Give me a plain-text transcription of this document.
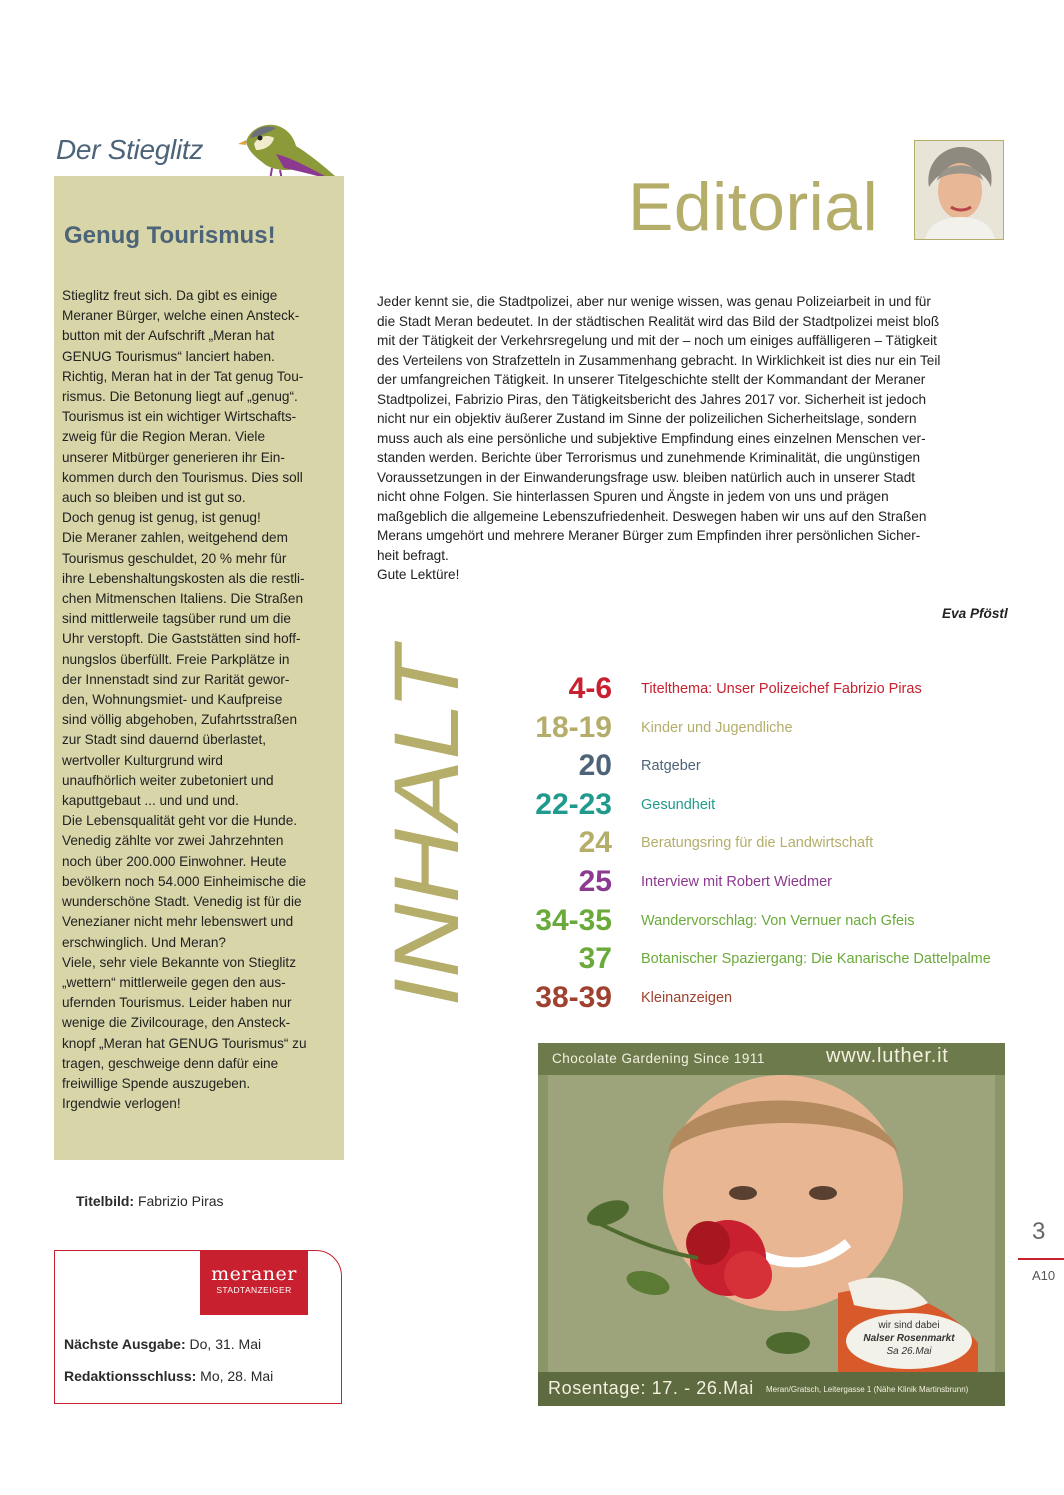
Der Stieglitz
Genug Tourismus!
Stieglitz freut sich. Da gibt es einige
Meraner Bürger, welche einen Ansteck-
button mit der Aufschrift „Meran hat
GENUG Tourismus“ lanciert haben.
Richtig, Meran hat in der Tat genug Tou-
rismus. Die Betonung liegt auf „genug“.
Tourismus ist ein wichtiger Wirtschafts-
zweig für die Region Meran. Viele
unserer Mitbürger generieren ihr Ein-
kommen durch den Tourismus. Dies soll
auch so bleiben und ist gut so.
Doch genug ist genug, ist genug!
Die Meraner zahlen, weitgehend dem
Tourismus geschuldet, 20 % mehr für
ihre Lebenshaltungskosten als die restli-
chen Mitmenschen Italiens. Die Straßen
sind mittlerweile tagsüber rund um die
Uhr verstopft. Die Gaststätten sind hoff-
nungslos überfüllt. Freie Parkplätze in
der Innenstadt sind zur Rarität gewor-
den, Wohnungsmiet- und Kaufpreise
sind völlig abgehoben, Zufahrtsstraßen
zur Stadt sind dauernd überlastet,
wertvoller Kulturgrund wird
unaufhörlich weiter zubetoniert und
kaputtgebaut ... und und und.
Die Lebensqualität geht vor die Hunde.
Venedig zählte vor zwei Jahrzehnten
noch über 200.000 Einwohner. Heute
bevölkern noch 54.000 Einheimische die
wunderschöne Stadt. Venedig ist für die
Venezianer nicht mehr lebenswert und
erschwinglich. Und Meran?
Viele, sehr viele Bekannte von Stieglitz
„wettern“ mittlerweile gegen den aus-
ufernden Tourismus. Leider haben nur
wenige die Zivilcourage, den Ansteck-
knopf „Meran hat GENUG Tourismus“ zu
tragen, geschweige denn dafür eine
freiwillige Spende auszugeben.
Irgendwie verlogen!
Titelbild: Fabrizio Piras
meraner
STADTANZEIGER
Nächste Ausgabe: Do, 31. Mai
Redaktionsschluss: Mo, 28. Mai
Editorial
Jeder kennt sie, die Stadtpolizei, aber nur wenige wissen, was genau Polizeiarbeit in und für
die Stadt Meran bedeutet. In der städtischen Realität wird das Bild der Stadtpolizei meist bloß
mit der Tätigkeit der Verkehrsregelung und mit der – noch um einiges auffälligeren – Tätigkeit
des Verteilens von Strafzetteln in Zusammenhang gebracht. In Wirklichkeit ist dies nur ein Teil
der umfangreichen Tätigkeit. In unserer Titelgeschichte stellt der Kommandant der Meraner
Stadtpolizei, Fabrizio Piras, den Tätigkeitsbericht des Jahres 2017 vor. Sicherheit ist jedoch
nicht nur ein objektiv äußerer Zustand im Sinne der polizeilichen Sicherheitslage, sondern
muss auch als eine persönliche und subjektive Empfindung eines einzelnen Menschen ver-
standen werden. Berichte über Terrorismus und zunehmende Kriminalität, die ungünstigen
Voraussetzungen in der Einwanderungsfrage usw. bleiben natürlich auch in unserer Stadt
nicht ohne Folgen. Sie hinterlassen Spuren und Ängste in jedem von uns und prägen
maßgeblich die allgemeine Lebenszufriedenheit. Deswegen haben wir uns auf den Straßen
Merans umgehört und mehrere Meraner Bürger zum Empfinden ihrer persönlichen Sicher-
heit befragt.
Gute Lektüre!
Eva Pföstl
INHALT	4-6 Titelthema: Unser Polizeichef Fabrizio Piras
18-19 Kinder und Jugendliche
20 Ratgeber
22-23 Gesundheit
24 Beratungsring für die Landwirtschaft
25 Interview mit Robert Wiedmer
34-35 Wandervorschlag: Von Vernuer nach Gfeis
37 Botanischer Spaziergang: Die Kanarische Dattelpalme
38-39 Kleinanzeigen
Chocolate Gardening Since 1911	www.luther.it
wir sind dabei
Nalser Rosenmarkt
Sa 26.Mai
Rosentage: 17. - 26.Mai Meran/Gratsch, Leitergasse 1 (Nähe Klinik Martinsbrunn)
3
A10
